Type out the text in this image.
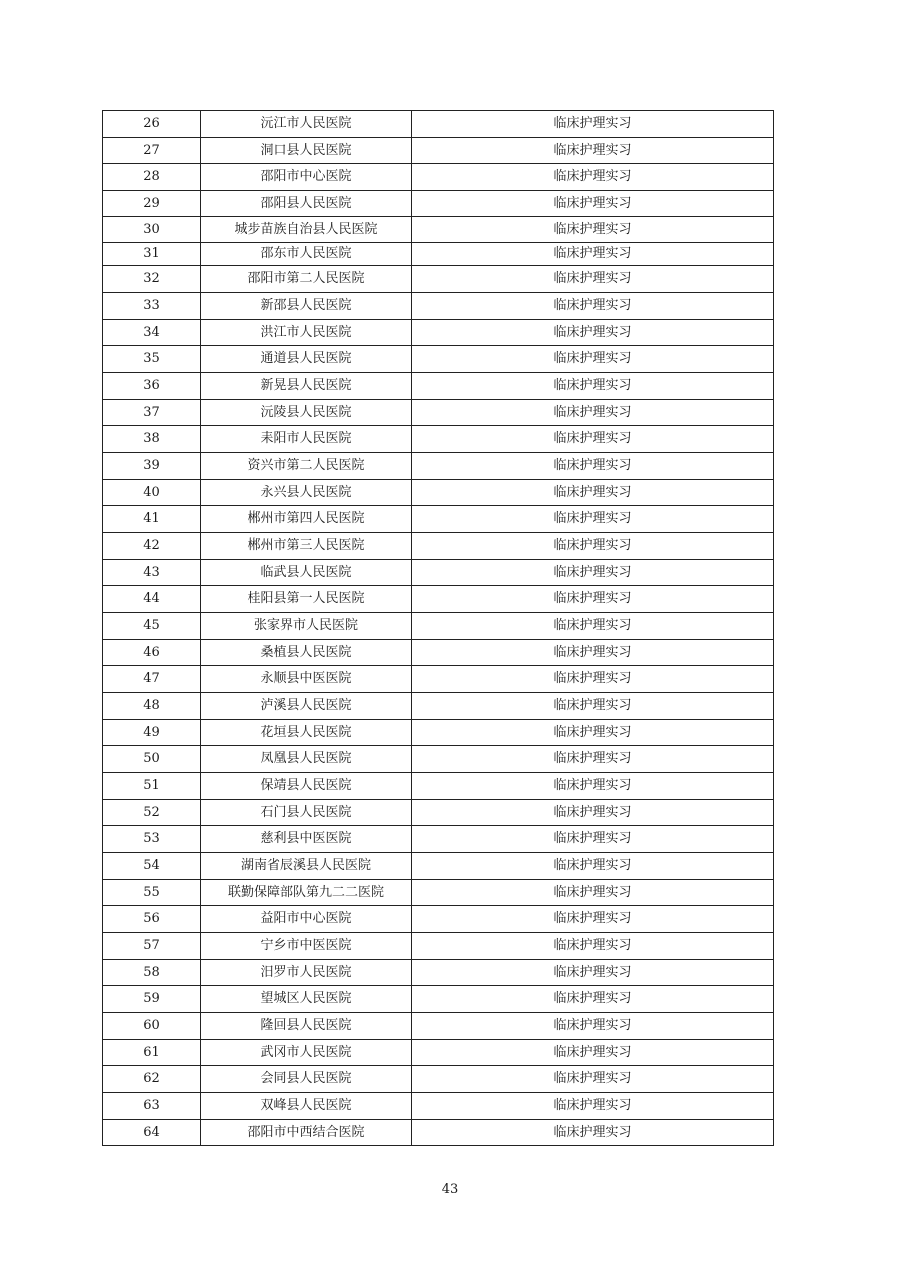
26	沅江市人民医院	临床护理实习
27	洞口县人民医院	临床护理实习
28	邵阳市中心医院	临床护理实习
29	邵阳县人民医院	临床护理实习
30	城步苗族自治县人民医院	临床护理实习
31	邵东市人民医院	临床护理实习
32	邵阳市第二人民医院	临床护理实习
33	新邵县人民医院	临床护理实习
34	洪江市人民医院	临床护理实习
35	通道县人民医院	临床护理实习
36	新晃县人民医院	临床护理实习
37	沅陵县人民医院	临床护理实习
38	耒阳市人民医院	临床护理实习
39	资兴市第二人民医院	临床护理实习
40	永兴县人民医院	临床护理实习
41	郴州市第四人民医院	临床护理实习
42	郴州市第三人民医院	临床护理实习
43	临武县人民医院	临床护理实习
44	桂阳县第一人民医院	临床护理实习
45	张家界市人民医院	临床护理实习
46	桑植县人民医院	临床护理实习
47	永顺县中医医院	临床护理实习
48	泸溪县人民医院	临床护理实习
49	花垣县人民医院	临床护理实习
50	凤凰县人民医院	临床护理实习
51	保靖县人民医院	临床护理实习
52	石门县人民医院	临床护理实习
53	慈利县中医医院	临床护理实习
54	湖南省辰溪县人民医院	临床护理实习
55	联勤保障部队第九二二医院	临床护理实习
56	益阳市中心医院	临床护理实习
57	宁乡市中医医院	临床护理实习
58	汨罗市人民医院	临床护理实习
59	望城区人民医院	临床护理实习
60	隆回县人民医院	临床护理实习
61	武冈市人民医院	临床护理实习
62	会同县人民医院	临床护理实习
63	双峰县人民医院	临床护理实习
64	邵阳市中西结合医院	临床护理实习
43
